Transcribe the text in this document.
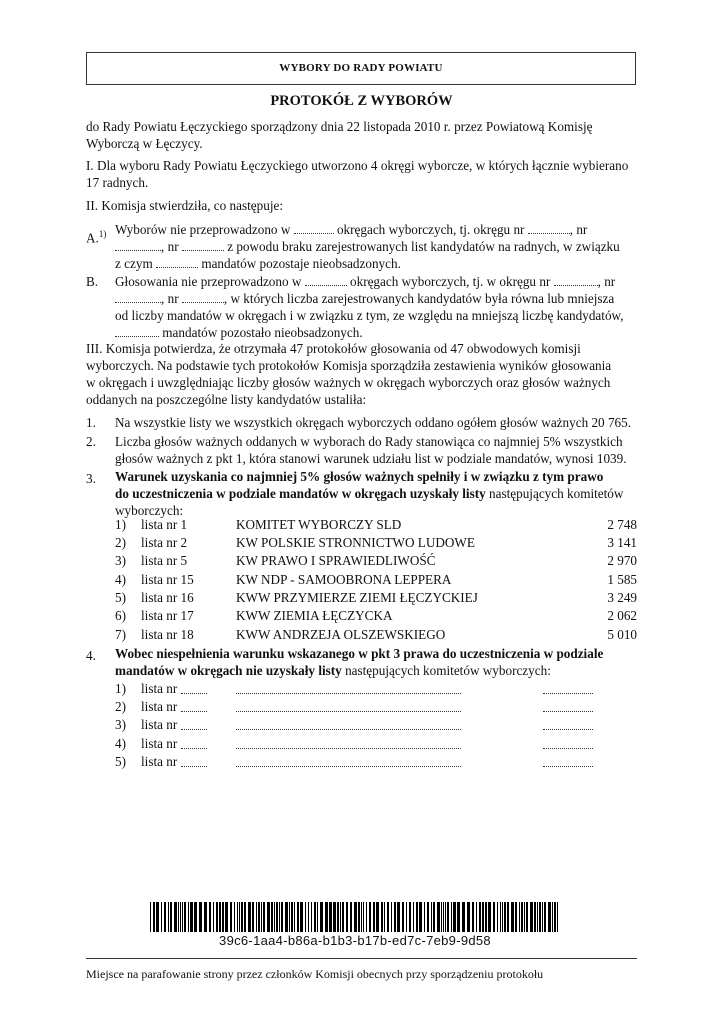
WYBORY DO RADY POWIATU
PROTOKÓŁ Z WYBORÓW
do Rady Powiatu Łęczyckiego sporządzony dnia 22 listopada 2010 r. przez Powiatową Komisję
Wyborczą w Łęczycy.
I. Dla wyboru Rady Powiatu Łęczyckiego utworzono 4 okręgi wyborcze, w których łącznie wybierano
17 radnych.
II. Komisja stwierdziła, co następuje:
A.$^{1)}$ Wyborów nie przeprowadzono w	okręgach wyborczych, tj. okręgu nr	, nr
, nr	z powodu braku zarejestrowanych list kandydatów na radnych, w związku
z czym	mandatów pozostaje nieobsadzonych.
B.	Głosowania nie przeprowadzono w	okręgach wyborczych, tj. w okręgu nr	, nr
, nr	, w których liczba zarejestrowanych kandydatów była równa lub mniejsza
od liczby mandatów w okręgach i w związku z tym, ze względu na mniejszą liczbę kandydatów,
mandatów pozostało nieobsadzonych.
III. Komisja potwierdza, że otrzymała 47 protokołów głosowania od 47 obwodowych komisji
wyborczych. Na podstawie tych protokołów Komisja sporządziła zestawienia wyników głosowania
w okręgach i uwzględniając liczby głosów ważnych w okręgach wyborczych oraz głosów ważnych
oddanych na poszczególne listy kandydatów ustaliła:
1.	Na wszystkie listy we wszystkich okręgach wyborczych oddano ogółem głosów ważnych 20 765.
2.	Liczba głosów ważnych oddanych w wyborach do Rady stanowiąca co najmniej 5% wszystkich
głosów ważnych z pkt 1, która stanowi warunek udziału list w podziale mandatów, wynosi 1039.
3.	Warunek uzyskania co najmniej 5% głosów ważnych spełniły i w związku z tym prawo
do uczestniczenia w podziale mandatów w okręgach uzyskały listy następujących komitetów
wyborczych:
1) lista nr 1	KOMITET WYBORCZY SLD	2 748
2) lista nr 2	KW POLSKIE STRONNICTWO LUDOWE	3 141
3) lista nr 5	KW PRAWO I SPRAWIEDLIWOŚĆ	2 970
4) lista nr 15	KW NDP - SAMOOBRONA LEPPERA	1 585
5) lista nr 16	KWW PRZYMIERZE ZIEMI ŁĘCZYCKIEJ	3 249
6) lista nr 17	KWW ZIEMIA ŁĘCZYCKA	2 062
7) lista nr 18	KWW ANDRZEJA OLSZEWSKIEGO	5 010
4.	Wobec niespełnienia warunku wskazanego w pkt 3 prawa do uczestniczenia w podziale
mandatów w okręgach nie uzyskały listy następujących komitetów wyborczych:
1) lista nr
2) lista nr
3) lista nr
4) lista nr
5) lista nr
39c6-1aa4-b86a-b1b3-b17b-ed7c-7eb9-9d58
Miejsce na parafowanie strony przez członków Komisji obecnych przy sporządzeniu protokołu
